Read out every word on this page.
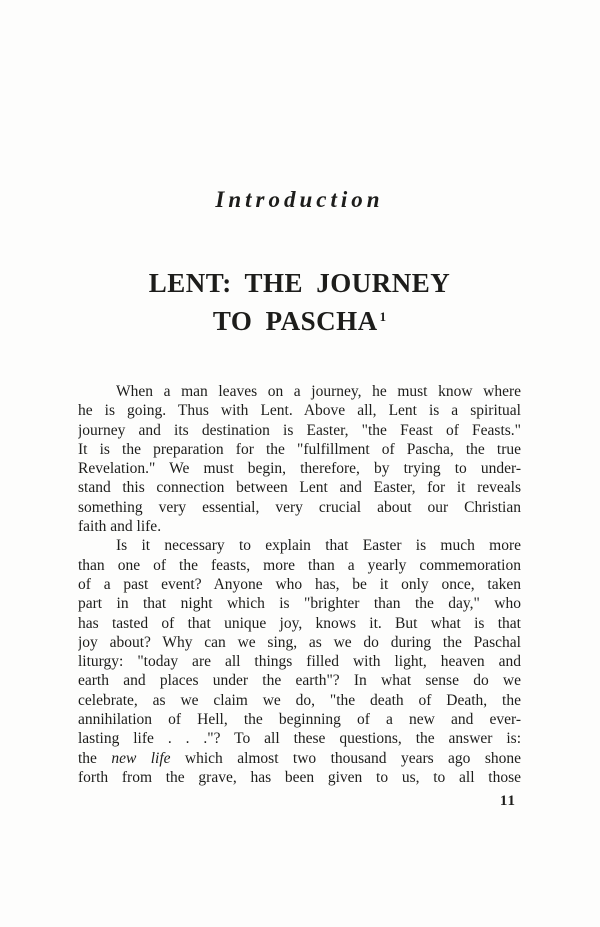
Introduction
LENT: THE JOURNEY
TO PASCHA $^1$
When a man leaves on a journey, he must know where
he is going. Thus with Lent. Above all, Lent is a spiritual
journey and its destination is Easter, "the Feast of Feasts."
It is the preparation for the "fulfillment of Pascha, the true
Revelation." We must begin, therefore, by trying to under-
stand this connection between Lent and Easter, for it reveals
something very essential, very crucial about our Christian
faith and life.
Is it necessary to explain that Easter is much more
than one of the feasts, more than a yearly commemoration
of a past event? Anyone who has, be it only once, taken
part in that night which is "brighter than the day," who
has tasted of that unique joy, knows it. But what is that
joy about? Why can we sing, as we do during the Paschal
liturgy: "today are all things filled with light, heaven and
earth and places under the earth"? In what sense do we
celebrate, as we claim we do, "the death of Death, the
annihilation of Hell, the beginning of a new and ever-
lasting life . . ."? To all these questions, the answer is:
the new life which almost two thousand years ago shone
forth from the grave, has been given to us, to all those
11
